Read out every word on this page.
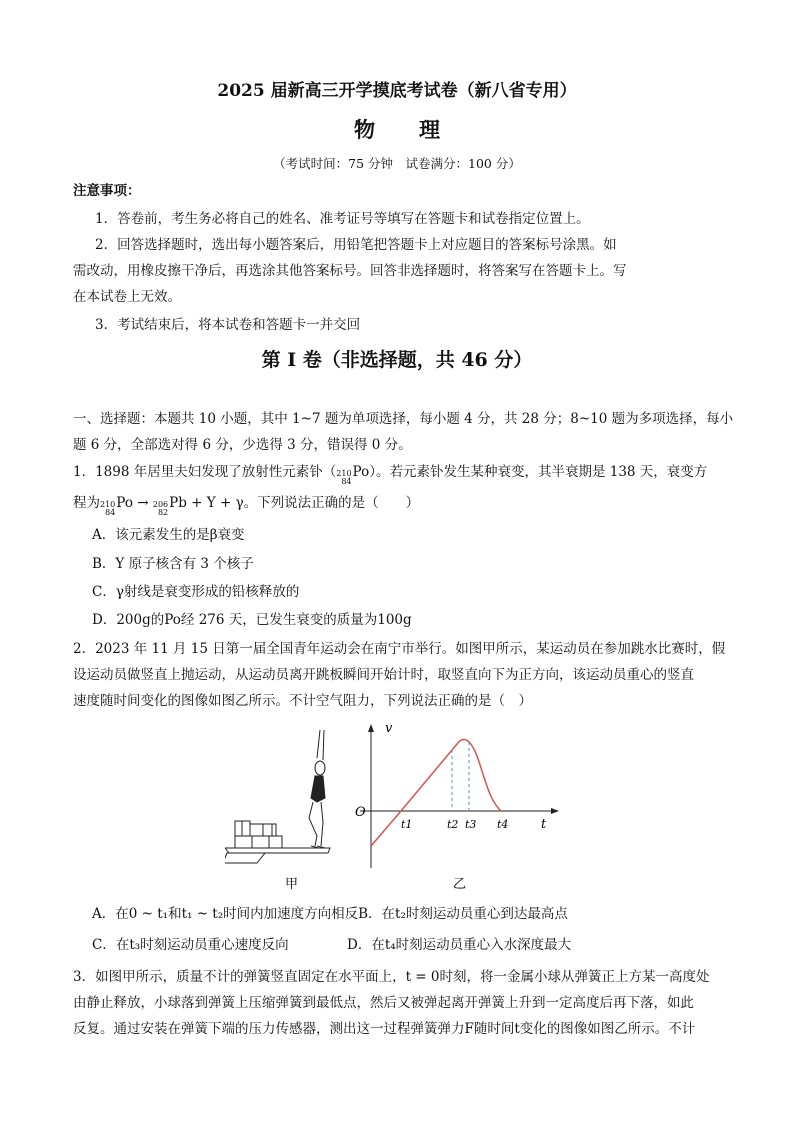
2025 届新高三开学摸底考试卷（新八省专用）
物 理
（考试时间：75 分钟　试卷满分：100 分）
注意事项：
1．答卷前，考生务必将自己的姓名、准考证号等填写在答题卡和试卷指定位置上。
2．回答选择题时，选出每小题答案后，用铅笔把答题卡上对应题目的答案标号涂黑。如
需改动，用橡皮擦干净后，再选涂其他答案标号。回答非选择题时，将答案写在答题卡上。写
在本试卷上无效。
3．考试结束后，将本试卷和答题卡一并交回
第 I 卷（非选择题，共 46 分）
一、选择题：本题共 10 小题，其中 1~7 题为单项选择，每小题 4 分，共 28 分；8~10 题为多项选择，每小
题 6 分，全部选对得 6 分，少选得 3 分，错误得 0 分。
1．1898 年居里夫妇发现了放射性元素钋（ 210
84
Po ）。若元素钋发生某种衰变，其半衰期是 138 天，衰变方
程为 210
84
Po → 206
82
Pb + Y + γ。下列说法正确的是（　　）
A．该元素发生的是β衰变
B．Y 原子核含有 3 个核子
C．γ射线是衰变形成的铅核释放的
D．200g的Po经 276 天，已发生衰变的质量为100g
2．2023 年 11 月 15 日第一届全国青年运动会在南宁市举行。如图甲所示，某运动员在参加跳水比赛时，假
设运动员做竖直上抛运动，从运动员离开跳板瞬间开始计时，取竖直向下为正方向，该运动员重心的竖直
速度随时间变化的图像如图乙所示。不计空气阻力，下列说法正确的是（　）
甲
v
O
t
t1	t2 t3 t4
乙
A．在0 ~ t₁和t₁ ~ t₂时间内加速度方向相反B．在t₂时刻运动员重心到达最高点
C．在t₃时刻运动员重心速度反向	D．在t₄时刻运动员重心入水深度最大
3．如图甲所示，质量不计的弹簧竖直固定在水平面上，t = 0时刻，将一金属小球从弹簧正上方某一高度处
由静止释放，小球落到弹簧上压缩弹簧到最低点，然后又被弹起离开弹簧上升到一定高度后再下落，如此
反复。通过安装在弹簧下端的压力传感器，测出这一过程弹簧弹力F随时间t变化的图像如图乙所示。不计
